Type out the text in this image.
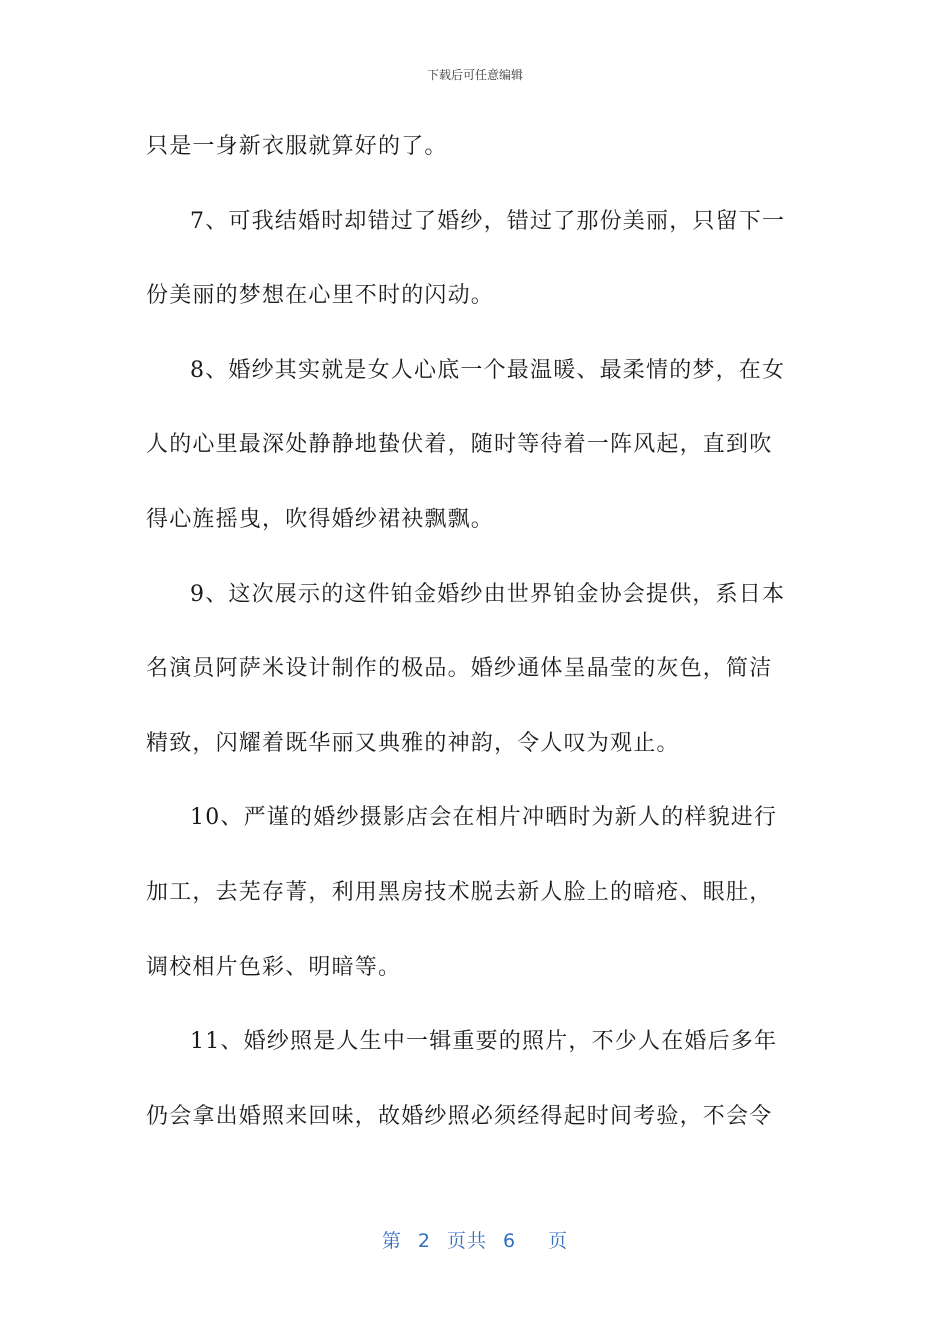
下载后可任意编辑
只是一身新衣服就算好的了。
7、可我结婚时却错过了婚纱，错过了那份美丽，只留下一
份美丽的梦想在心里不时的闪动。
8、婚纱其实就是女人心底一个最温暖、最柔情的梦，在女
人的心里最深处静静地蛰伏着，随时等待着一阵风起，直到吹
得心旌摇曳，吹得婚纱裙袂飘飘。
9、这次展示的这件铂金婚纱由世界铂金协会提供，系日本
名演员阿萨米设计制作的极品。婚纱通体呈晶莹的灰色，简洁
精致，闪耀着既华丽又典雅的神韵，令人叹为观止。
10、严谨的婚纱摄影店会在相片冲晒时为新人的样貌进行
加工，去芜存菁，利用黑房技术脱去新人脸上的暗疮、眼肚，
调校相片色彩、明暗等。
11、婚纱照是人生中一辑重要的照片，不少人在婚后多年
仍会拿出婚照来回味，故婚纱照必须经得起时间考验，不会令
第 2 页共 6 页
